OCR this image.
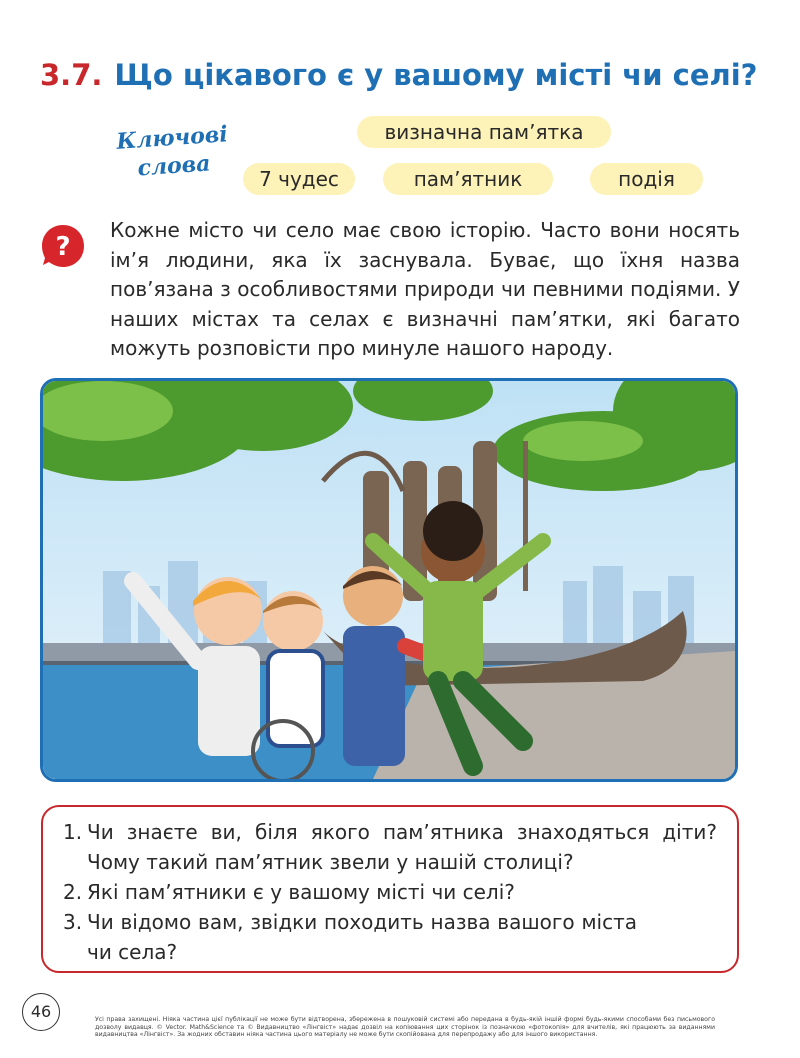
3.7. Що цікавого є у вашому місті чи селі?
Ключові
слова
визначна пам’ятка
7 чудес	пам’ятник	подія
?
Кожне місто чи село має свою історію. Часто вони носять ім’я людини, яка їх заснувала. Буває, що їхня назва пов’язана з особливостями природи чи певними подіями. У наших містах та селах є визначні пам’ятки, які багато можуть розповісти про минуле нашого народу.
1. Чи знаєте ви, біля якого пам’ятника знаходяться діти? Чому такий пам’ятник звели у нашій столиці?
2. Які пам’ятники є у вашому місті чи селі?
3. Чи відомо вам, звідки походить назва вашого міста чи села?
46	Усі права захищені. Ніяка частина цієї публікації не може бути відтворена, збережена в пошуковій системі або передана в будь-якій іншій формі будь-якими способами без письмового дозволу видавця. © Vector. Math&Science та © Видавництво «Лінгвіст» надає дозвіл на копіювання цих сторінок із позначкою «фотокопія» для вчителів, які працюють за виданнями видавництва «Лінгвіст». За жодних обставин ніяка частина цього матеріалу не може бути скопійована для перепродажу або для іншого використання.
